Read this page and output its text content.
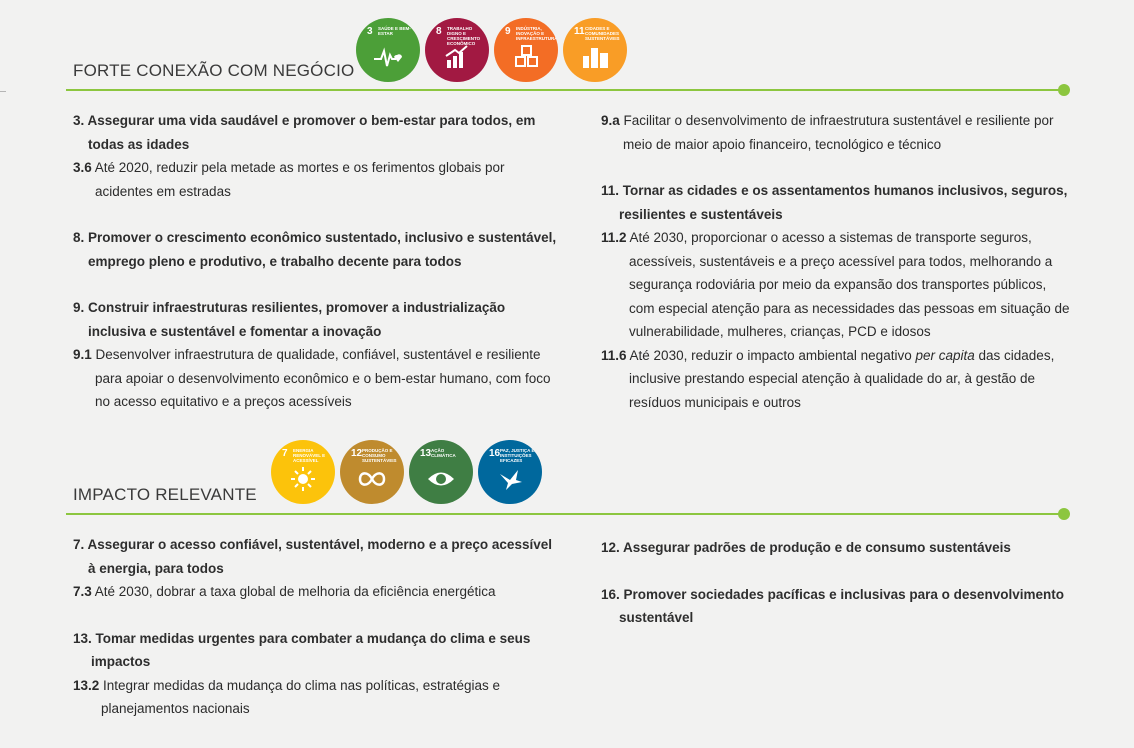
FORTE CONEXÃO COM NEGÓCIO
3 SAÚDE E BEM-ESTAR	8 TRABALHO DIGNO E CRESCIMENTO ECONÔMICO
9 INDÚSTRIA, INOVAÇÃO E INFRAESTRUTURA
11 CIDADES E COMUNIDADES SUSTENTÁVEIS

3. Assegurar uma vida saudável e promover o bem-estar para todos, em todas as idades

3.6 Até 2020, reduzir pela metade as mortes e os ferimentos globais por acidentes em estradas

8. Promover o crescimento econômico sustentado, inclusivo e sustentável, emprego pleno e produtivo, e trabalho decente para todos

9. Construir infraestruturas resilientes, promover a industrialização inclusiva e sustentável e fomentar a inovação

9.1 Desenvolver infraestrutura de qualidade, confiável, sustentável e resiliente para apoiar o desenvolvimento econômico e o bem-estar humano, com foco no acesso equitativo e a preços acessíveis

9.a Facilitar o desenvolvimento de infraestrutura sustentável e resiliente por meio de maior apoio financeiro, tecnológico e técnico

11. Tornar as cidades e os assentamentos humanos inclusivos, seguros, resilientes e sustentáveis

11.2 Até 2030, proporcionar o acesso a sistemas de transporte seguros, acessíveis, sustentáveis e a preço acessível para todos, melhorando a segurança rodoviária por meio da expansão dos transportes públicos, com especial atenção para as necessidades das pessoas em situação de vulnerabilidade, mulheres, crianças, PCD e idosos

11.6 Até 2030, reduzir o impacto ambiental negativo per capita das cidades, inclusive prestando especial atenção à qualidade do ar, à gestão de resíduos municipais e outros

IMPACTO RELEVANTE
7 ENERGIA RENOVÁVEL E ACESSÍVEL
12 PRODUÇÃO E CONSUMO SUSTENTÁVEIS
13 AÇÃO CLIMÁTICA	16 PAZ, JUSTIÇA E INSTITUIÇÕES EFICAZES

7. Assegurar o acesso confiável, sustentável, moderno e a preço acessível à energia, para todos

7.3 Até 2030, dobrar a taxa global de melhoria da eficiência energética

13. Tomar medidas urgentes para combater a mudança do clima e seus impactos

13.2 Integrar medidas da mudança do clima nas políticas, estratégias e planejamentos nacionais

12. Assegurar padrões de produção e de consumo sustentáveis

16. Promover sociedades pacíficas e inclusivas para o desenvolvimento sustentável
